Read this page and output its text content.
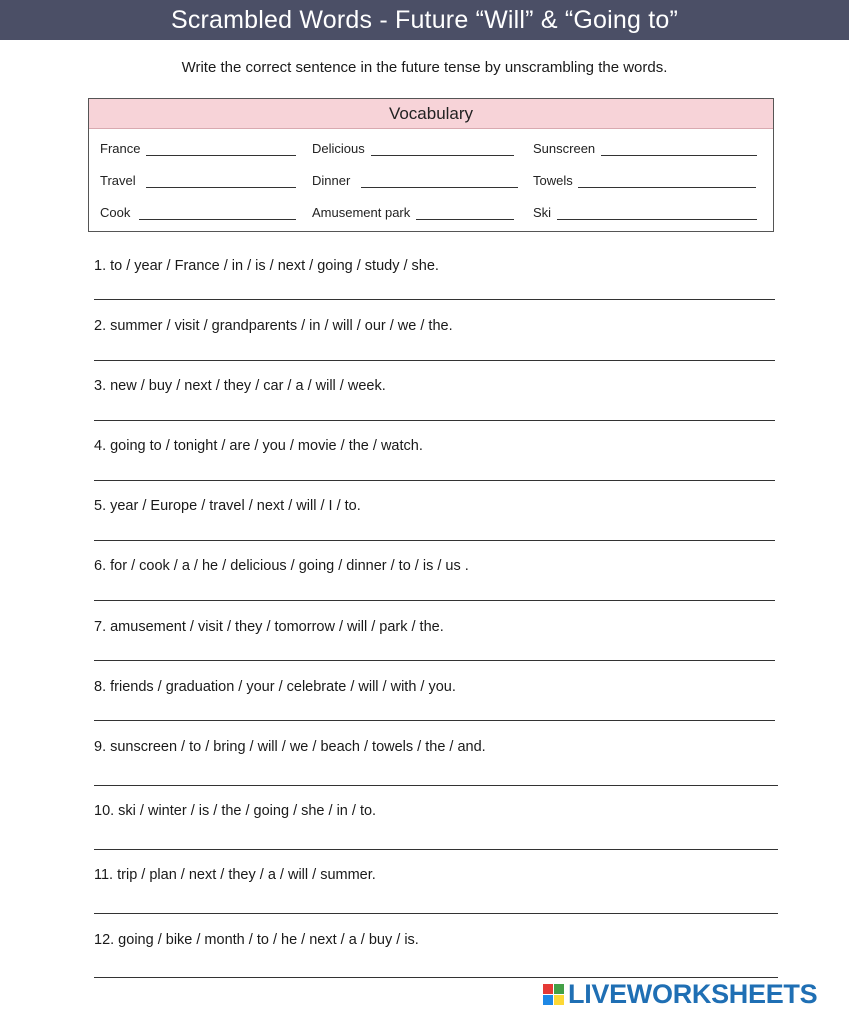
Scrambled Words - Future “Will” & “Going to”
Write the correct sentence in the future tense by unscrambling the words.
Vocabulary
France	Delicious	Sunscreen
Travel	Dinner	Towels
Cook	Amusement park	Ski
1. to / year / France / in / is / next / going / study / she.
2. summer / visit / grandparents / in / will / our / we / the.
3. new / buy / next / they / car / a / will / week.
4. going to / tonight / are / you / movie / the / watch.
5. year / Europe / travel / next / will / I / to.
6. for / cook / a / he / delicious / going / dinner / to / is / us .
7. amusement / visit / they / tomorrow / will / park / the.
8. friends / graduation / your / celebrate / will / with / you.
9. sunscreen / to / bring / will / we / beach / towels / the / and.
10. ski / winter / is / the / going / she / in / to.
11. trip / plan / next / they / a / will / summer.
12. going / bike / month / to / he / next / a / buy / is.
LIVEWORKSHEETS
